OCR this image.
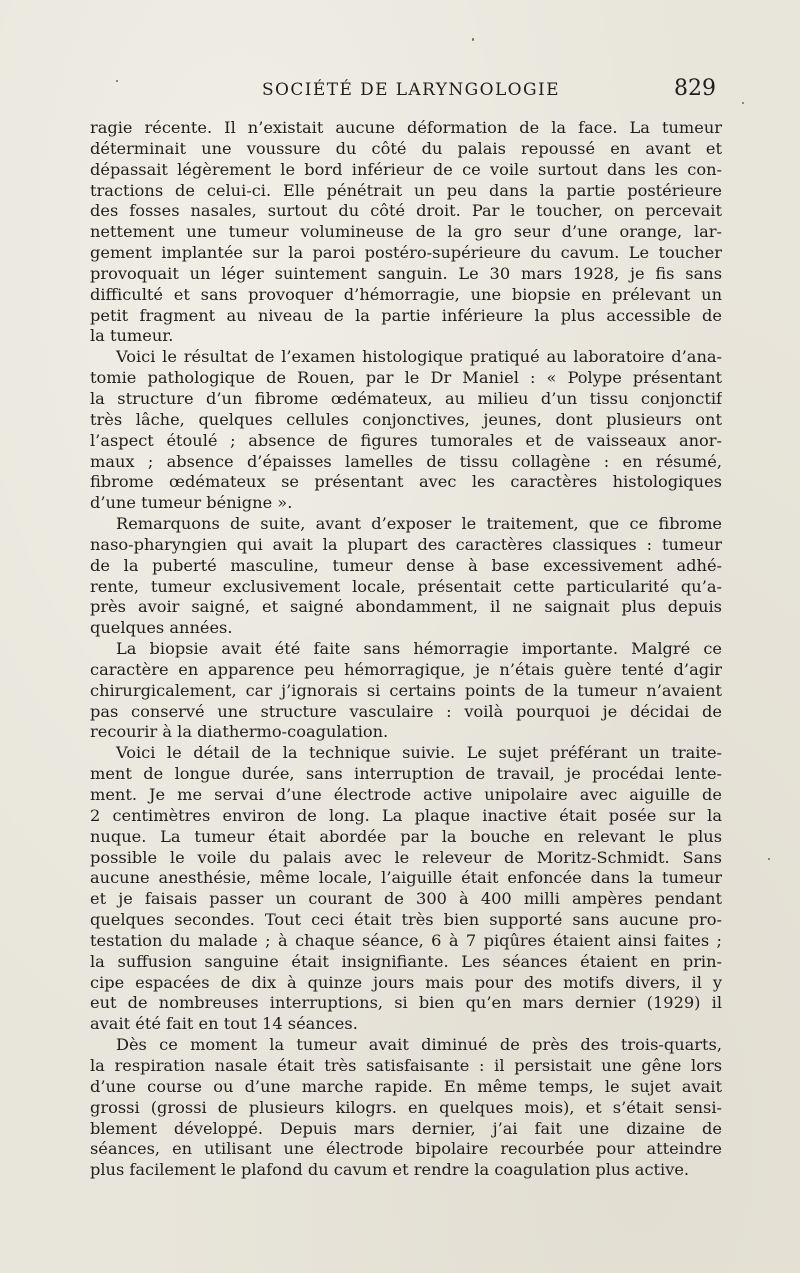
SOCIÉTÉ DE LARYNGOLOGIE	829
ragie récente. Il n’existait aucune déformation de la face. La tumeur
déterminait une voussure du côté du palais repoussé en avant et
dépassait légèrement le bord inférieur de ce voile surtout dans les con-
tractions de celui-ci. Elle pénétrait un peu dans la partie postérieure
des fosses nasales, surtout du côté droit. Par le toucher, on percevait
nettement une tumeur volumineuse de la gro seur d’une orange, lar-
gement implantée sur la paroi postéro-supérieure du cavum. Le toucher
provoquait un léger suintement sanguin. Le 30 mars 1928, je fis sans
difficulté et sans provoquer d’hémorragie, une biopsie en prélevant un
petit fragment au niveau de la partie inférieure la plus accessible de
la tumeur.
Voici le résultat de l’examen histologique pratiqué au laboratoire d’ana-
tomie pathologique de Rouen, par le Dr Maniel : « Polype présentant
la structure d’un fibrome œdémateux, au milieu d’un tissu conjonctif
très lâche, quelques cellules conjonctives, jeunes, dont plusieurs ont
l’aspect étoulé ; absence de figures tumorales et de vaisseaux anor-
maux ; absence d’épaisses lamelles de tissu collagène : en résumé,
fibrome œdémateux se présentant avec les caractères histologiques
d’une tumeur bénigne ».
Remarquons de suite, avant d’exposer le traitement, que ce fibrome
naso-pharyngien qui avait la plupart des caractères classiques : tumeur
de la puberté masculine, tumeur dense à base excessivement adhé-
rente, tumeur exclusivement locale, présentait cette particularité qu’a-
près avoir saigné, et saigné abondamment, il ne saignait plus depuis
quelques années.
La biopsie avait été faite sans hémorragie importante. Malgré ce
caractère en apparence peu hémorragique, je n’étais guère tenté d’agir
chirurgicalement, car j’ignorais si certains points de la tumeur n’avaient
pas conservé une structure vasculaire : voilà pourquoi je décidai de
recourir à la diathermo-coagulation.
Voici le détail de la technique suivie. Le sujet préférant un traite-
ment de longue durée, sans interruption de travail, je procédai lente-
ment. Je me servai d’une électrode active unipolaire avec aiguille de
2 centimètres environ de long. La plaque inactive était posée sur la
nuque. La tumeur était abordée par la bouche en relevant le plus
possible le voile du palais avec le releveur de Moritz-Schmidt. Sans
aucune anesthésie, même locale, l’aiguille était enfoncée dans la tumeur
et je faisais passer un courant de 300 à 400 milli ampères pendant
quelques secondes. Tout ceci était très bien supporté sans aucune pro-
testation du malade ; à chaque séance, 6 à 7 piqûres étaient ainsi faites ;
la suffusion sanguine était insignifiante. Les séances étaient en prin-
cipe espacées de dix à quinze jours mais pour des motifs divers, il y
eut de nombreuses interruptions, si bien qu’en mars dernier (1929) il
avait été fait en tout 14 séances.
Dès ce moment la tumeur avait diminué de près des trois-quarts,
la respiration nasale était très satisfaisante : il persistait une gêne lors
d’une course ou d’une marche rapide. En même temps, le sujet avait
grossi (grossi de plusieurs kilogrs. en quelques mois), et s’était sensi-
blement développé. Depuis mars dernier, j’ai fait une dizaine de
séances, en utilisant une électrode bipolaire recourbée pour atteindre
plus facilement le plafond du cavum et rendre la coagulation plus active.
